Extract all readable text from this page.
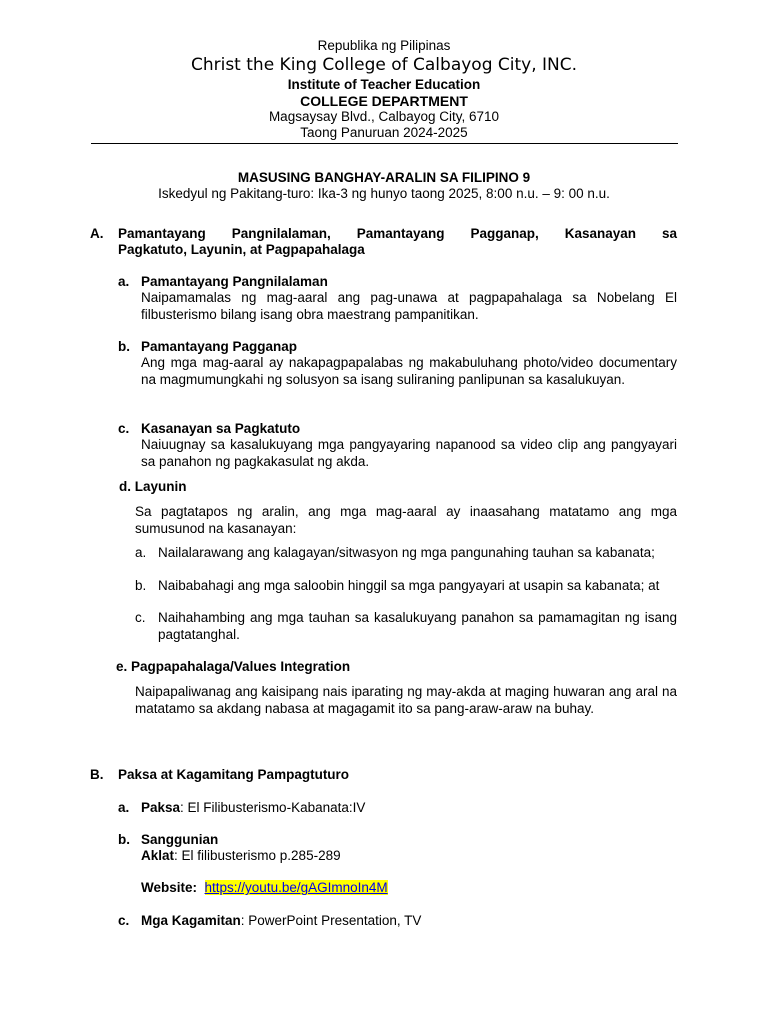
Republika ng Pilipinas
Christ the King College of Calbayog City, INC.
Institute of Teacher Education
COLLEGE DEPARTMENT
Magsaysay Blvd., Calbayog City, 6710
Taong Panuruan 2024-2025
MASUSING BANGHAY-ARALIN SA FILIPINO 9
Iskedyul ng Pakitang-turo: Ika-3 ng hunyo taong 2025, 8:00 n.u. – 9: 00 n.u.
A. Pamantayang Pangnilalaman, Pamantayang Pagganap, Kasanayan sa
Pagkatuto, Layunin, at Pagpapahalaga
a. Pamantayang Pangnilalaman
Naipamamalas ng mag-aaral ang pag-unawa at pagpapahalaga sa Nobelang El filbusterismo bilang isang obra maestrang pampanitikan.
b. Pamantayang Pagganap
Ang mga mag-aaral ay nakapagpapalabas ng makabuluhang photo/video documentary na magmumungkahi ng solusyon sa isang suliraning panlipunan sa kasalukuyan.
c. Kasanayan sa Pagkatuto
Naiuugnay sa kasalukuyang mga pangyayaring napanood sa video clip ang pangyayari sa panahon ng pagkakasulat ng akda.
d. Layunin
Sa pagtatapos ng aralin, ang mga mag-aaral ay inaasahang matatamo ang mga sumusunod na kasanayan:
a. Nailalarawang ang kalagayan/sitwasyon ng mga pangunahing tauhan sa kabanata;
b. Naibabahagi ang mga saloobin hinggil sa mga pangyayari at usapin sa kabanata; at
c. Naihahambing ang mga tauhan sa kasalukuyang panahon sa pamamagitan ng isang pagtatanghal.
e. Pagpapahalaga/Values Integration
Naipapaliwanag ang kaisipang nais iparating ng may-akda at maging huwaran ang aral na matatamo sa akdang nabasa at magagamit ito sa pang-araw-araw na buhay.
B. Paksa at Kagamitang Pampagtuturo
a. Paksa: El Filibusterismo-Kabanata:IV
b. Sanggunian
Aklat: El filibusterismo p.285-289
Website: https://youtu.be/gAGImnoIn4M
c. Mga Kagamitan: PowerPoint Presentation, TV
